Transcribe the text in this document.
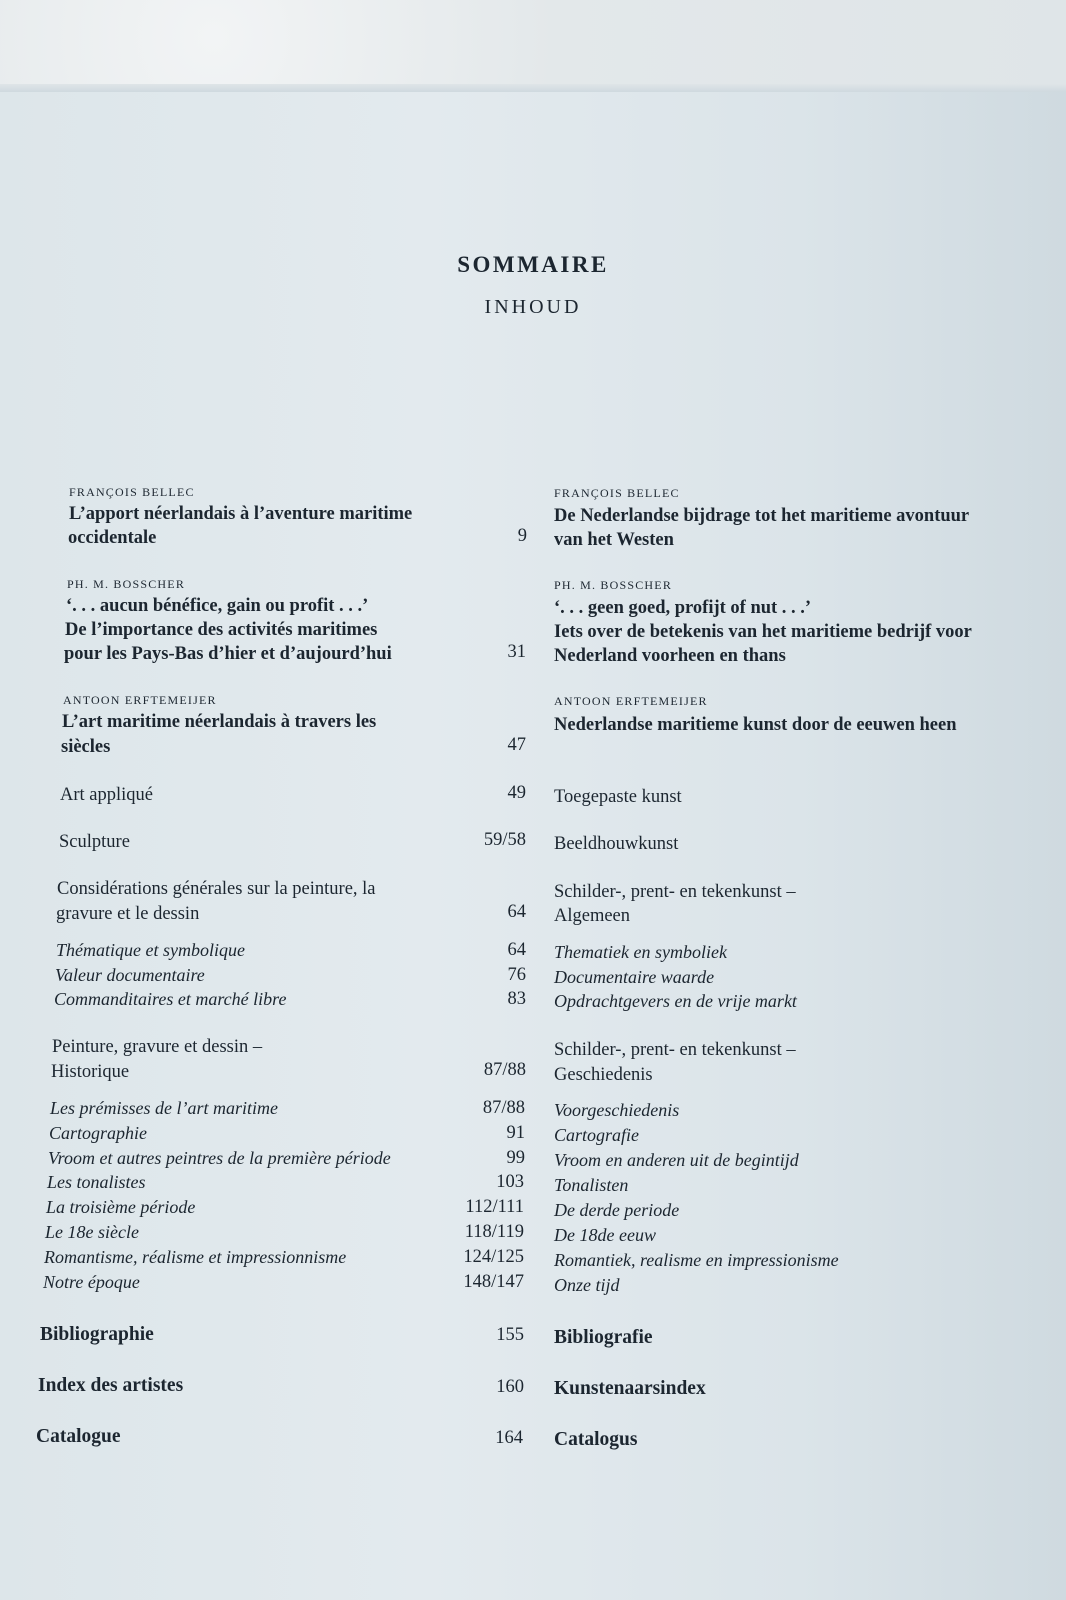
SOMMAIRE
INHOUD
FRANÇOIS BELLEC
L’apport néerlandais à l’aventure maritime
occidentale	9
FRANÇOIS BELLEC
De Nederlandse bijdrage tot het maritieme avontuur
van het Westen
PH. M. BOSSCHER
‘. . . aucun bénéfice, gain ou profit . . .’
De l’importance des activités maritimes
pour les Pays-Bas d’hier et d’aujourd’hui	31
PH. M. BOSSCHER
‘. . . geen goed, profijt of nut . . .’
Iets over de betekenis van het maritieme bedrijf voor
Nederland voorheen en thans
ANTOON ERFTEMEIJER
L’art maritime néerlandais à travers les
siècles	47
ANTOON ERFTEMEIJER
Nederlandse maritieme kunst door de eeuwen heen
Art appliqué	49 Toegepaste kunst
Sculpture	59/58 Beeldhouwkunst
Considérations générales sur la peinture, la
gravure et le dessin	64
Schilder-, prent- en tekenkunst –
Algemeen
Thématique et symbolique	64 Thematiek en symboliek
Valeur documentaire	76 Documentaire waarde
Commanditaires et marché libre	83 Opdrachtgevers en de vrije markt
Peinture, gravure et dessin –
Historique	87/88
Schilder-, prent- en tekenkunst –
Geschiedenis
Les prémisses de l’art maritime	87/88 Voorgeschiedenis
Cartographie	91 Cartografie
Vroom et autres peintres de la première période	99 Vroom en anderen uit de begintijd
Les tonalistes	103 Tonalisten
La troisième période	112/111 De derde periode
Le 18e siècle	118/119 De 18de eeuw
Romantisme, réalisme et impressionnisme	124/125 Romantiek, realisme en impressionisme
Notre époque	148/147 Onze tijd
Bibliographie	155 Bibliografie
Index des artistes	160 Kunstenaarsindex
Catalogue	164 Catalogus
